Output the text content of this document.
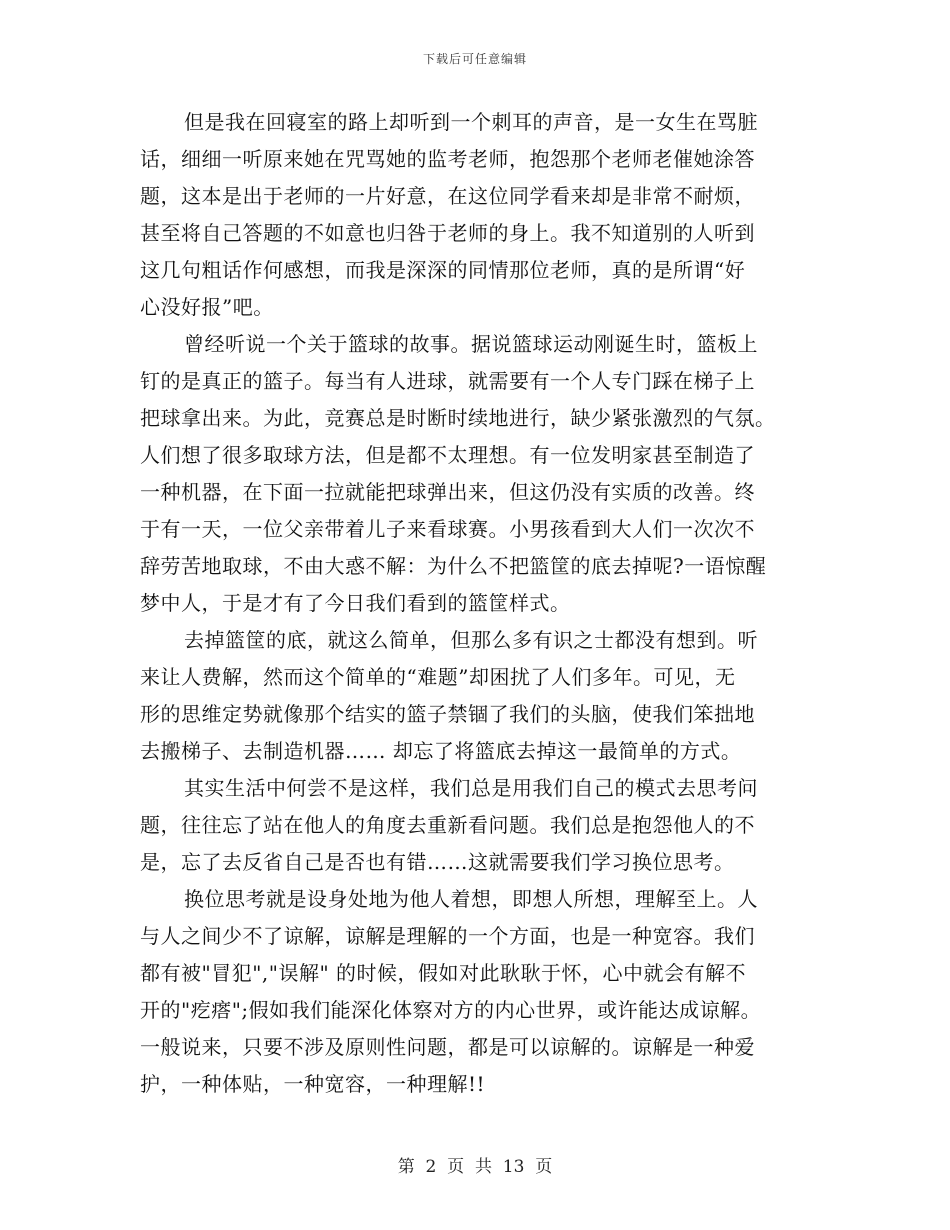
下载后可任意编辑
但是我在回寝室的路上却听到一个刺耳的声音，是一女生在骂脏
话，细细一听原来她在咒骂她的监考老师，抱怨那个老师老催她涂答
题，这本是出于老师的一片好意，在这位同学看来却是非常不耐烦，
甚至将自己答题的不如意也归咎于老师的身上。我不知道别的人听到
这几句粗话作何感想，而我是深深的同情那位老师，真的是所谓“好
心没好报”吧。
曾经听说一个关于篮球的故事。据说篮球运动刚诞生时，篮板上
钉的是真正的篮子。每当有人进球，就需要有一个人专门踩在梯子上
把球拿出来。为此，竞赛总是时断时续地进行，缺少紧张激烈的气氛。
人们想了很多取球方法，但是都不太理想。有一位发明家甚至制造了
一种机器，在下面一拉就能把球弹出来，但这仍没有实质的改善。终
于有一天，一位父亲带着儿子来看球赛。小男孩看到大人们一次次不
辞劳苦地取球，不由大惑不解：为什么不把篮筐的底去掉呢?一语惊醒
梦中人，于是才有了今日我们看到的篮筐样式。
去掉篮筐的底，就这么简单，但那么多有识之士都没有想到。听
来让人费解，然而这个简单的“难题”却困扰了人们多年。可见，无
形的思维定势就像那个结实的篮子禁锢了我们的头脑，使我们笨拙地
去搬梯子、去制造机器…… 却忘了将篮底去掉这一最简单的方式。
其实生活中何尝不是这样，我们总是用我们自己的模式去思考问
题，往往忘了站在他人的角度去重新看问题。我们总是抱怨他人的不
是，忘了去反省自己是否也有错……这就需要我们学习换位思考。
换位思考就是设身处地为他人着想，即想人所想，理解至上。人
与人之间少不了谅解，谅解是理解的一个方面，也是一种宽容。我们
都有被"冒犯","误解" 的时候，假如对此耿耿于怀，心中就会有解不
开的"疙瘩";假如我们能深化体察对方的内心世界，或许能达成谅解。
一般说来，只要不涉及原则性问题，都是可以谅解的。谅解是一种爱
护，一种体贴，一种宽容，一种理解!!
第  2  页  共  13  页
